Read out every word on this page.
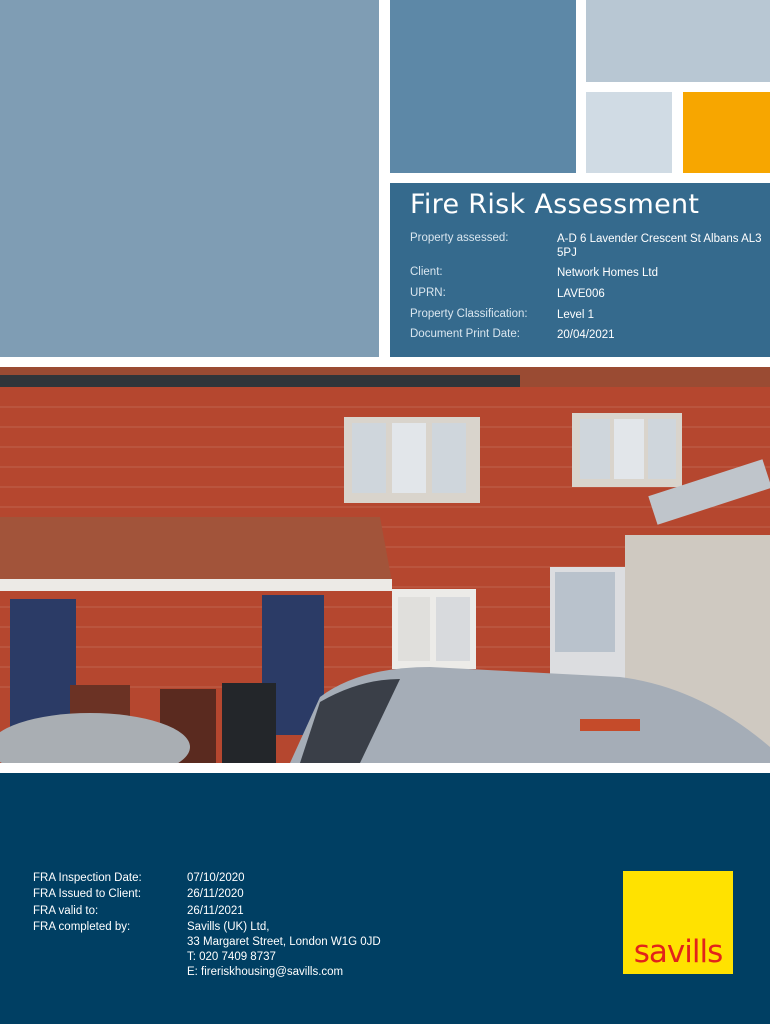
Fire Risk Assessment
Property assessed:	A-D 6 Lavender Crescent St Albans AL3 5PJ
Client:	Network Homes Ltd
UPRN:	LAVE006
Property Classification:	Level 1
Document Print Date:	20/04/2021
FRA Inspection Date:	07/10/2020
FRA Issued to Client:	26/11/2020
FRA valid to:	26/11/2021
FRA completed by:	Savills (UK) Ltd,
33 Margaret Street, London W1G 0JD
T: 020 7409 8737
E: fireriskhousing@savills.com
savills
